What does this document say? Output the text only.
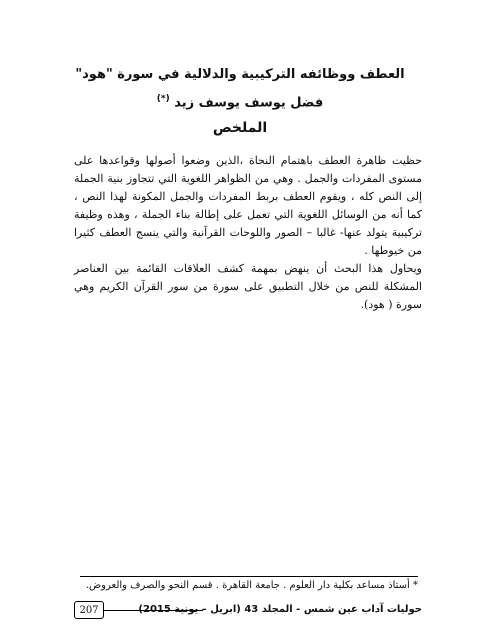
العطف ووظائفه التركيبية والدلالية في سورة "هود"
فضل يوسف يوسف زيد (*)
الملخص

حظيت ظاهرة العطف باهتمام النحاة ،الذين وضعوا أصولها وقواعدها على مستوى المفردات والجمل . وهي من الظواهر اللغوية التي تتجاوز بنية الجملة إلى النص كله ، ويقوم العطف بربط المفردات والجمل المكونة لهذا النص ، كما أنه من الوسائل اللغوية التي تعمل على إطالة بناء الجملة ، وهذه وظيفة تركيبية يتولد عنها- غالبا – الصور واللوحات القرآنية والتي ينسج العطف كثيرا من خيوطها .

ويحاول هذا البحث أن ينهض بمهمة كشف العلاقات القائمة بين العناصر المشكلة للنص من خلال التطبيق على سورة من سور القرآن الكريم وهي سورة ( هود).

* أستاذ مساعد بكلية دار العلوم . جامعة القاهرة . قسم النحو والصرف والعروض.
207	حوليات آداب عين شمس - المجلد 43 (ابريل – يونية 2015)
